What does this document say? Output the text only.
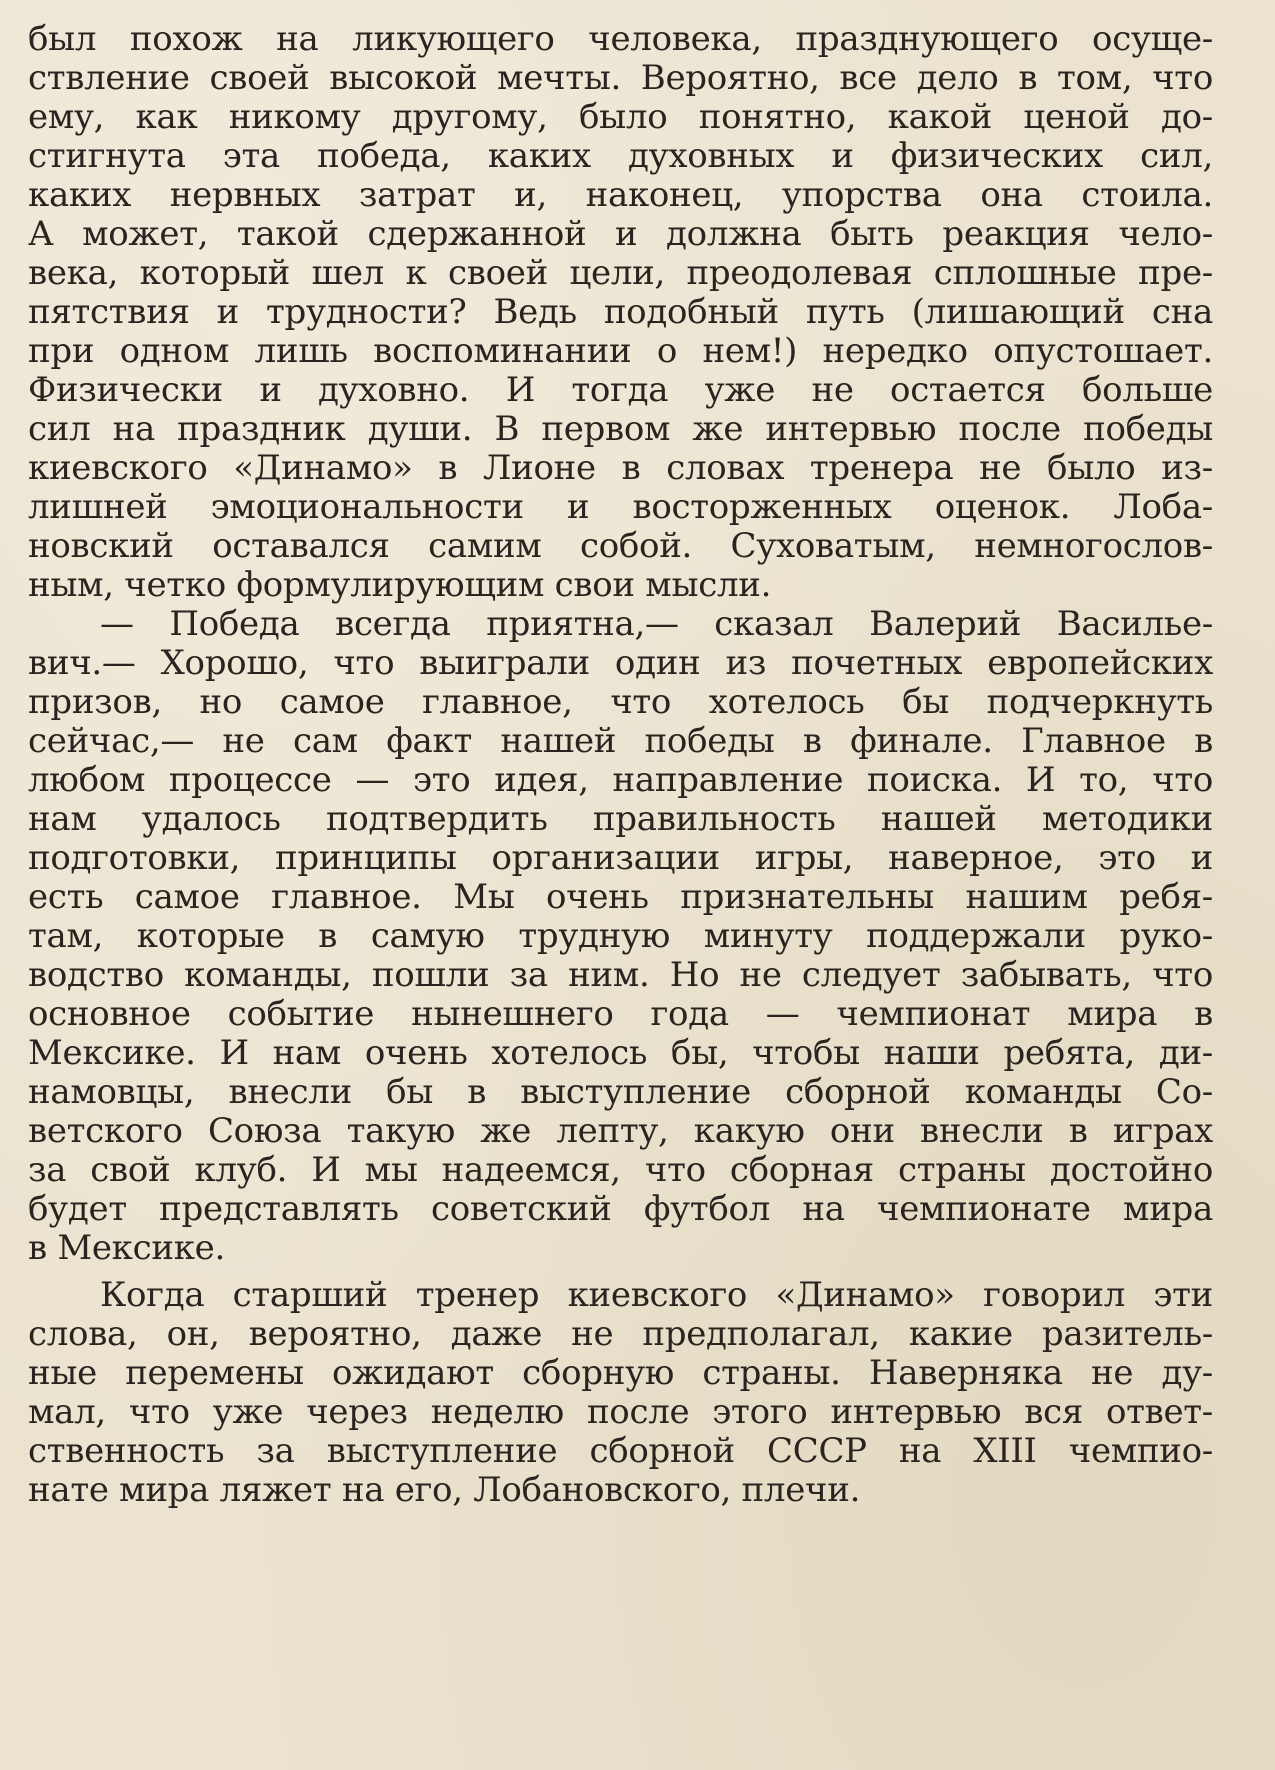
был похож на ликующего человека, празднующего осуще-
ствление своей высокой мечты. Вероятно, все дело в том, что
ему, как никому другому, было понятно, какой ценой до-
стигнута эта победа, каких духовных и физических сил,
каких нервных затрат и, наконец, упорства она стоила.
А может, такой сдержанной и должна быть реакция чело-
века, который шел к своей цели, преодолевая сплошные пре-
пятствия и трудности? Ведь подобный путь (лишающий сна
при одном лишь воспоминании о нем!) нередко опустошает.
Физически и духовно. И тогда уже не остается больше
сил на праздник души. В первом же интервью после победы
киевского «Динамо» в Лионе в словах тренера не было из-
лишней эмоциональности и восторженных оценок. Лоба-
новский оставался самим собой. Суховатым, немногослов-
ным, четко формулирующим свои мысли.
— Победа всегда приятна,— сказал Валерий Василье-
вич.— Хорошо, что выиграли один из почетных европейских
призов, но самое главное, что хотелось бы подчеркнуть
сейчас,— не сам факт нашей победы в финале. Главное в
любом процессе — это идея, направление поиска. И то, что
нам удалось подтвердить правильность нашей методики
подготовки, принципы организации игры, наверное, это и
есть самое главное. Мы очень признательны нашим ребя-
там, которые в самую трудную минуту поддержали руко-
водство команды, пошли за ним. Но не следует забывать, что
основное событие нынешнего года — чемпионат мира в
Мексике. И нам очень хотелось бы, чтобы наши ребята, ди-
намовцы, внесли бы в выступление сборной команды Со-
ветского Союза такую же лепту, какую они внесли в играх
за свой клуб. И мы надеемся, что сборная страны достойно
будет представлять советский футбол на чемпионате мира
в Мексике.
Когда старший тренер киевского «Динамо» говорил эти
слова, он, вероятно, даже не предполагал, какие разитель-
ные перемены ожидают сборную страны. Наверняка не ду-
мал, что уже через неделю после этого интервью вся ответ-
ственность за выступление сборной СССР на XIII чемпио-
нате мира ляжет на его, Лобановского, плечи.
